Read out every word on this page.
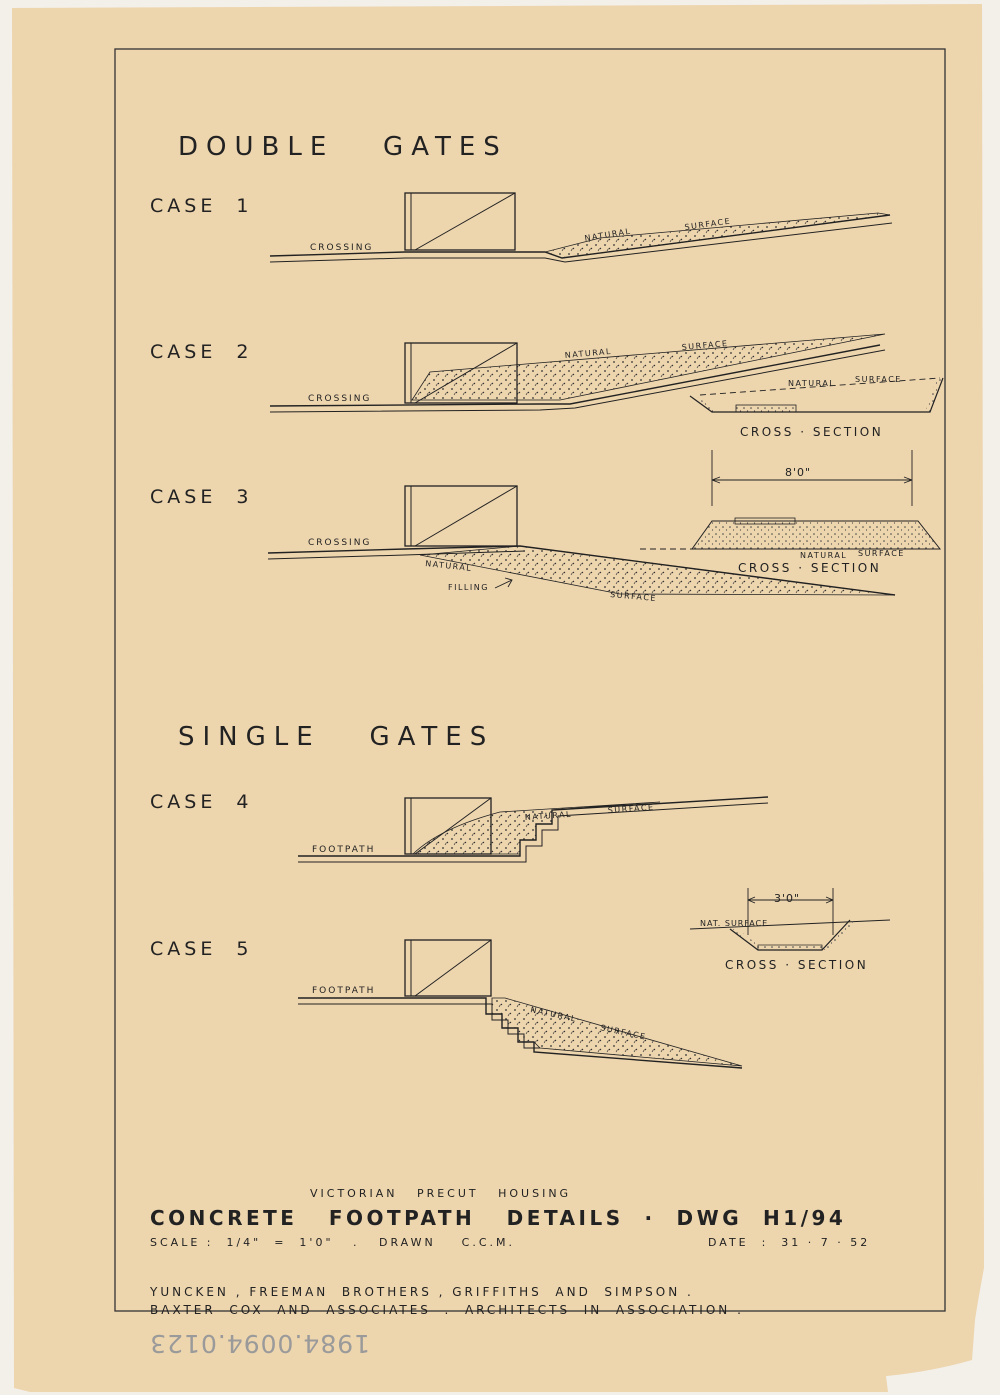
DOUBLE   GATES
CASE  1
CROSSING
NATURAL
SURFACE
CASE  2
CROSSING
NATURAL
SURFACE
NATURAL SURFACE
CROSS · SECTION
CASE  3
CROSSING
NATURAL
FILLING
SURFACE
8'0"
NATURAL SURFACE
CROSS · SECTION
SINGLE   GATES
CASE  4
FOOTPATH
NATURAL
SURFACE
CASE  5
FOOTPATH
NATURAL
SURFACE
3'0"
NAT. SURFACE
CROSS · SECTION
VICTORIAN   PRECUT   HOUSING
CONCRETE   FOOTPATH   DETAILS  ·  DWG  H1/94
SCALE :  1/4"  =  1'0"   .   DRAWN    C.C.M.	DATE  :  31 · 7 · 52
YUNCKEN , FREEMAN  BROTHERS , GRIFFITHS  AND  SIMPSON .
BAXTER  COX  AND  ASSOCIATES  .  ARCHITECTS  IN  ASSOCIATION .
1984.0094.0123
